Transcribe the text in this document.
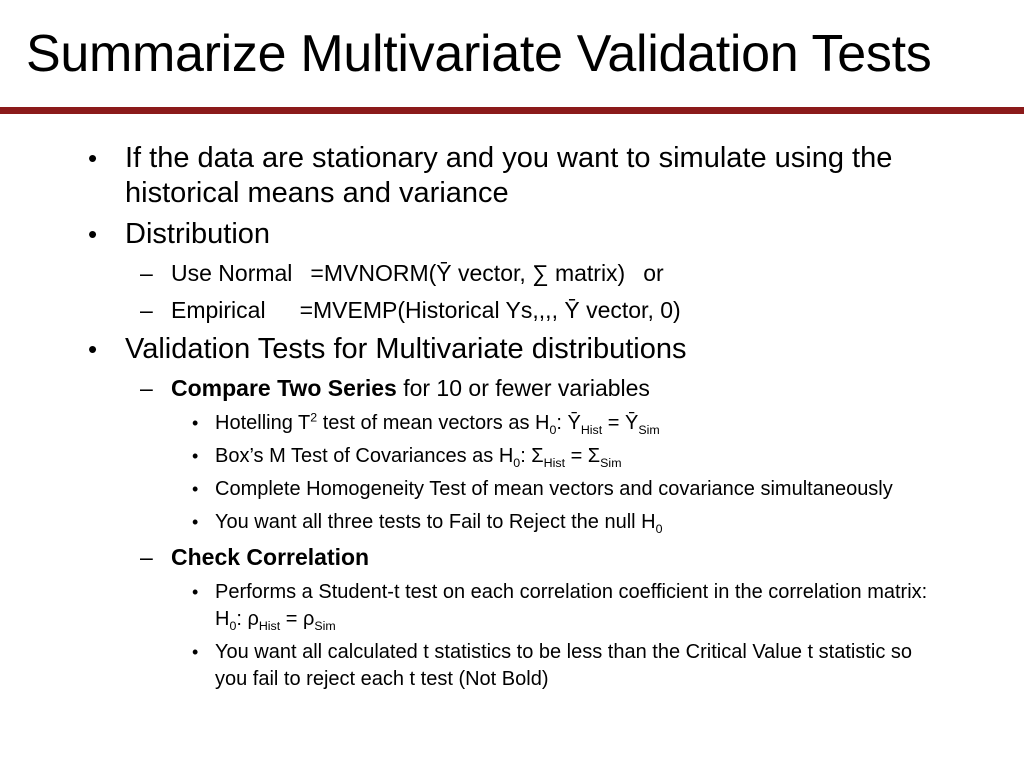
Summarize Multivariate Validation Tests
• If the data are stationary and you want to simulate using the historical means and variance
• Distribution
– Use Normal =MVNORM(Ȳ vector, ∑ matrix) or
– Empirical =MVEMP(Historical Ys,,,, Ȳ vector, 0)
• Validation Tests for Multivariate distributions
– Compare Two Series for 10 or fewer variables
• Hotelling $T^2$ test of mean vectors as $H_0$: $Ȳ_{Hist}$ = $Ȳ_{Sim}$
• Box’s M Test of Covariances as $H_0$: $\Sigma_{Hist} = \Sigma_{Sim}$
• Complete Homogeneity Test of mean vectors and covariance simultaneously
• You want all three tests to Fail to Reject the null $H_0$
– Check Correlation
• Performs a Student-t test on each correlation coefficient in the correlation matrix: $H_0$: $\rho_{Hist} = \rho_{Sim}$
• You want all calculated t statistics to be less than the Critical Value t statistic so you fail to reject each t test (Not Bold)
